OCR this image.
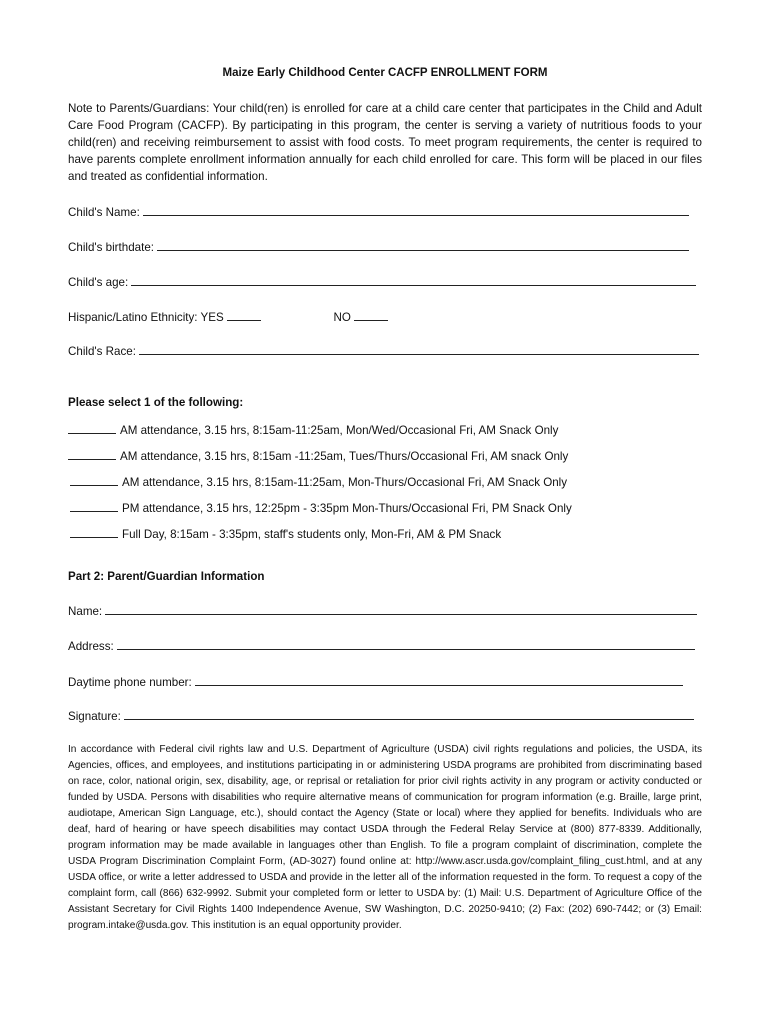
Maize Early Childhood Center CACFP ENROLLMENT FORM
Note to Parents/Guardians: Your child(ren) is enrolled for care at a child care center that participates in the Child and Adult Care Food Program (CACFP). By participating in this program, the center is serving a variety of nutritious foods to your child(ren) and receiving reimbursement to assist with food costs. To meet program requirements, the center is required to have parents complete enrollment information annually for each child enrolled for care. This form will be placed in our files and treated as confidential information.
Child's Name:
Child's birthdate:
Child's age:
Hispanic/Latino Ethnicity: YES	NO
Child's Race:
Please select 1 of the following:
AM attendance, 3.15 hrs, 8:15am-11:25am, Mon/Wed/Occasional Fri, AM Snack Only
AM attendance, 3.15 hrs, 8:15am -11:25am, Tues/Thurs/Occasional Fri, AM snack Only
AM attendance, 3.15 hrs, 8:15am-11:25am, Mon-Thurs/Occasional Fri, AM Snack Only
PM attendance, 3.15 hrs, 12:25pm - 3:35pm Mon-Thurs/Occasional Fri, PM Snack Only
Full Day, 8:15am - 3:35pm, staff's students only, Mon-Fri, AM & PM Snack
Part 2: Parent/Guardian Information
Name:
Address:
Daytime phone number:
Signature:
In accordance with Federal civil rights law and U.S. Department of Agriculture (USDA) civil rights regulations and policies, the USDA, its Agencies, offices, and employees, and institutions participating in or administering USDA programs are prohibited from discriminating based on race, color, national origin, sex, disability, age, or reprisal or retaliation for prior civil rights activity in any program or activity conducted or funded by USDA. Persons with disabilities who require alternative means of communication for program information (e.g. Braille, large print, audiotape, American Sign Language, etc.), should contact the Agency (State or local) where they applied for benefits. Individuals who are deaf, hard of hearing or have speech disabilities may contact USDA through the Federal Relay Service at (800) 877-8339. Additionally, program information may be made available in languages other than English. To file a program complaint of discrimination, complete the USDA Program Discrimination Complaint Form, (AD-3027) found online at: http://www.ascr.usda.gov/complaint_filing_cust.html, and at any USDA office, or write a letter addressed to USDA and provide in the letter all of the information requested in the form. To request a copy of the complaint form, call (866) 632-9992. Submit your completed form or letter to USDA by: (1) Mail: U.S. Department of Agriculture Office of the Assistant Secretary for Civil Rights 1400 Independence Avenue, SW Washington, D.C. 20250-9410; (2) Fax: (202) 690-7442; or (3) Email: program.intake@usda.gov. This institution is an equal opportunity provider.
